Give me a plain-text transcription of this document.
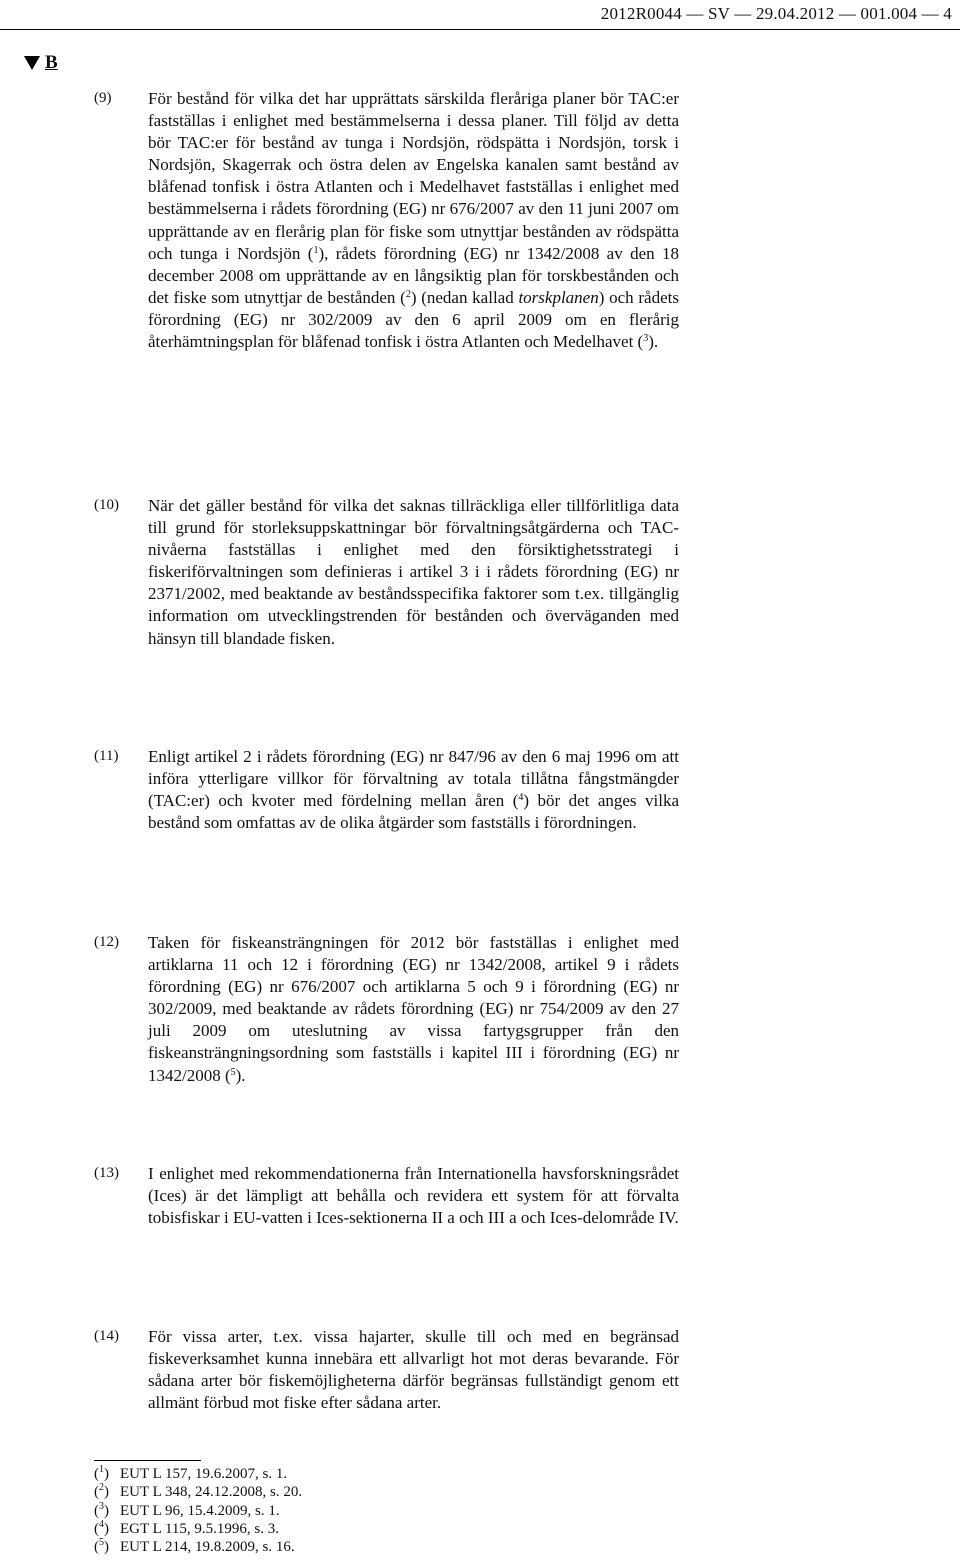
2012R0044 — SV — 29.04.2012 — 001.004 — 4
B
(9) För bestånd för vilka det har upprättats särskilda fleråriga planer bör TAC:er fastställas i enlighet med bestämmelserna i dessa planer. Till följd av detta bör TAC:er för bestånd av tunga i Nordsjön, rödspätta i Nordsjön, torsk i Nordsjön, Skagerrak och östra delen av Engelska kanalen samt bestånd av blåfenad tonfisk i östra Atlanten och i Medelhavet fastställas i enlighet med bestämmelserna i rådets förordning (EG) nr 676/2007 av den 11 juni 2007 om upprättande av en flerårig plan för fiske som utnyttjar bestånden av rödspätta och tunga i Nordsjön ($^1$), rådets förordning (EG) nr 1342/2008 av den 18 december 2008 om upprättande av en långsiktig plan för torskbestånden och det fiske som utnyttjar de bestånden ($^2$) (nedan kallad torskplanen) och rådets förordning (EG) nr 302/2009 av den 6 april 2009 om en flerårig återhämtningsplan för blåfenad tonfisk i östra Atlanten och Medelhavet ($^3$).
(10) När det gäller bestånd för vilka det saknas tillräckliga eller tillförlitliga data till grund för storleksuppskattningar bör förvaltningsåtgärderna och TAC-nivåerna fastställas i enlighet med den försiktighetsstrategi i fiskeriförvaltningen som definieras i artikel 3 i i rådets förordning (EG) nr 2371/2002, med beaktande av beståndsspecifika faktorer som t.ex. tillgänglig information om utvecklingstrenden för bestånden och överväganden med hänsyn till blandade fisken.
(11) Enligt artikel 2 i rådets förordning (EG) nr 847/96 av den 6 maj 1996 om att införa ytterligare villkor för förvaltning av totala tillåtna fångstmängder (TAC:er) och kvoter med fördelning mellan åren ($^4$) bör det anges vilka bestånd som omfattas av de olika åtgärder som fastställs i förordningen.
(12) Taken för fiskeansträngningen för 2012 bör fastställas i enlighet med artiklarna 11 och 12 i förordning (EG) nr 1342/2008, artikel 9 i rådets förordning (EG) nr 676/2007 och artiklarna 5 och 9 i förordning (EG) nr 302/2009, med beaktande av rådets förordning (EG) nr 754/2009 av den 27 juli 2009 om uteslutning av vissa fartygsgrupper från den fiskeansträngningsordning som fastställs i kapitel III i förordning (EG) nr 1342/2008 ($^5$).
(13) I enlighet med rekommendationerna från Internationella havsforskningsrådet (Ices) är det lämpligt att behålla och revidera ett system för att förvalta tobisfiskar i EU-vatten i Ices-sektionerna II a och III a och Ices-delområde IV.
(14) För vissa arter, t.ex. vissa hajarter, skulle till och med en begränsad fiskeverksamhet kunna innebära ett allvarligt hot mot deras bevarande. För sådana arter bör fiskemöjligheterna därför begränsas fullständigt genom ett allmänt förbud mot fiske efter sådana arter.
($^1$) EUT L 157, 19.6.2007, s. 1.
($^2$) EUT L 348, 24.12.2008, s. 20.
($^3$) EUT L 96, 15.4.2009, s. 1.
($^4$) EGT L 115, 9.5.1996, s. 3.
($^5$) EUT L 214, 19.8.2009, s. 16.
